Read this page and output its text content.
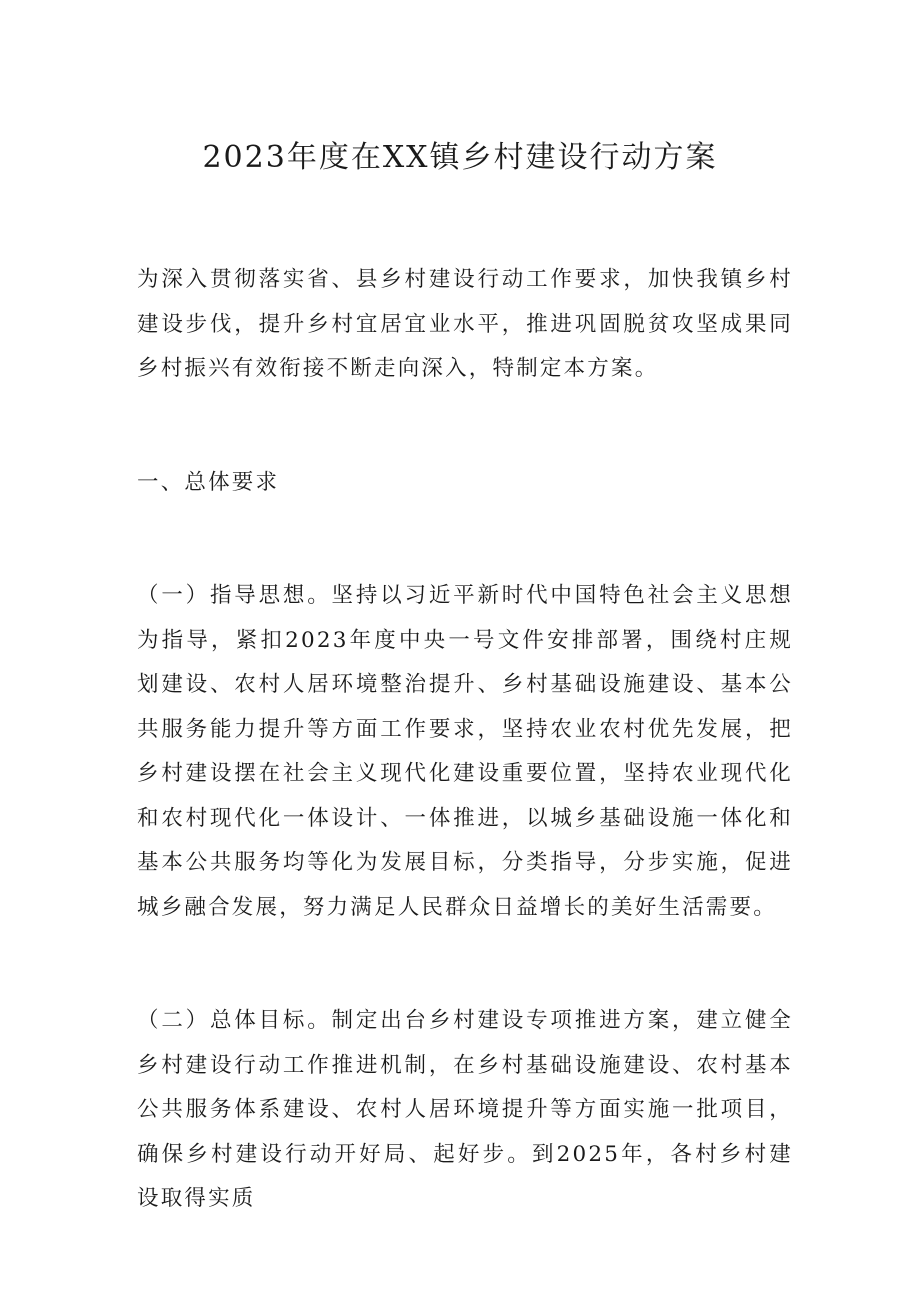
2023年度在XX镇乡村建设行动方案

为深入贯彻落实省、县乡村建设行动工作要求，加快我镇乡村建设步伐，提升乡村宜居宜业水平，推进巩固脱贫攻坚成果同乡村振兴有效衔接不断走向深入，特制定本方案。

一、总体要求

（一）指导思想。坚持以习近平新时代中国特色社会主义思想为指导，紧扣2023年度中央一号文件安排部署，围绕村庄规划建设、农村人居环境整治提升、乡村基础设施建设、基本公共服务能力提升等方面工作要求，坚持农业农村优先发展，把乡村建设摆在社会主义现代化建设重要位置，坚持农业现代化和农村现代化一体设计、一体推进，以城乡基础设施一体化和基本公共服务均等化为发展目标，分类指导，分步实施，促进城乡融合发展，努力满足人民群众日益增长的美好生活需要。

（二）总体目标。制定出台乡村建设专项推进方案，建立健全乡村建设行动工作推进机制，在乡村基础设施建设、农村基本公共服务体系建设、农村人居环境提升等方面实施一批项目，确保乡村建设行动开好局、起好步。到2025年，各村乡村建设取得实质
